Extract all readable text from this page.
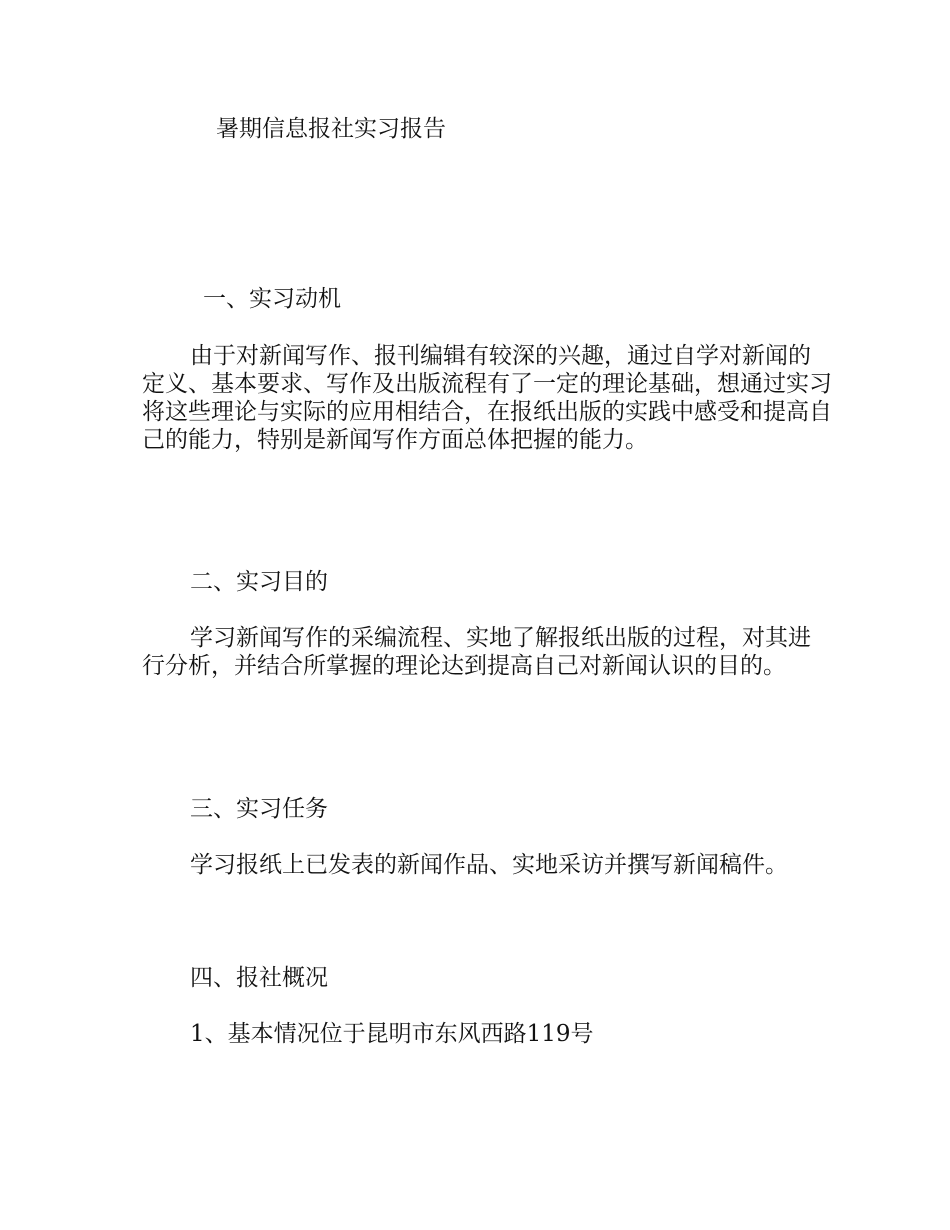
暑期信息报社实习报告
一、实习动机
由于对新闻写作、报刊编辑有较深的兴趣，通过自学对新闻的定义、基本要求、写作及出版流程有了一定的理论基础，想通过实习将这些理论与实际的应用相结合，在报纸出版的实践中感受和提高自己的能力，特别是新闻写作方面总体把握的能力。
二、实习目的
学习新闻写作的采编流程、实地了解报纸出版的过程，对其进行分析，并结合所掌握的理论达到提高自己对新闻认识的目的。
三、实习任务
学习报纸上已发表的新闻作品、实地采访并撰写新闻稿件。
四、报社概况
1、基本情况位于昆明市东风西路119号
